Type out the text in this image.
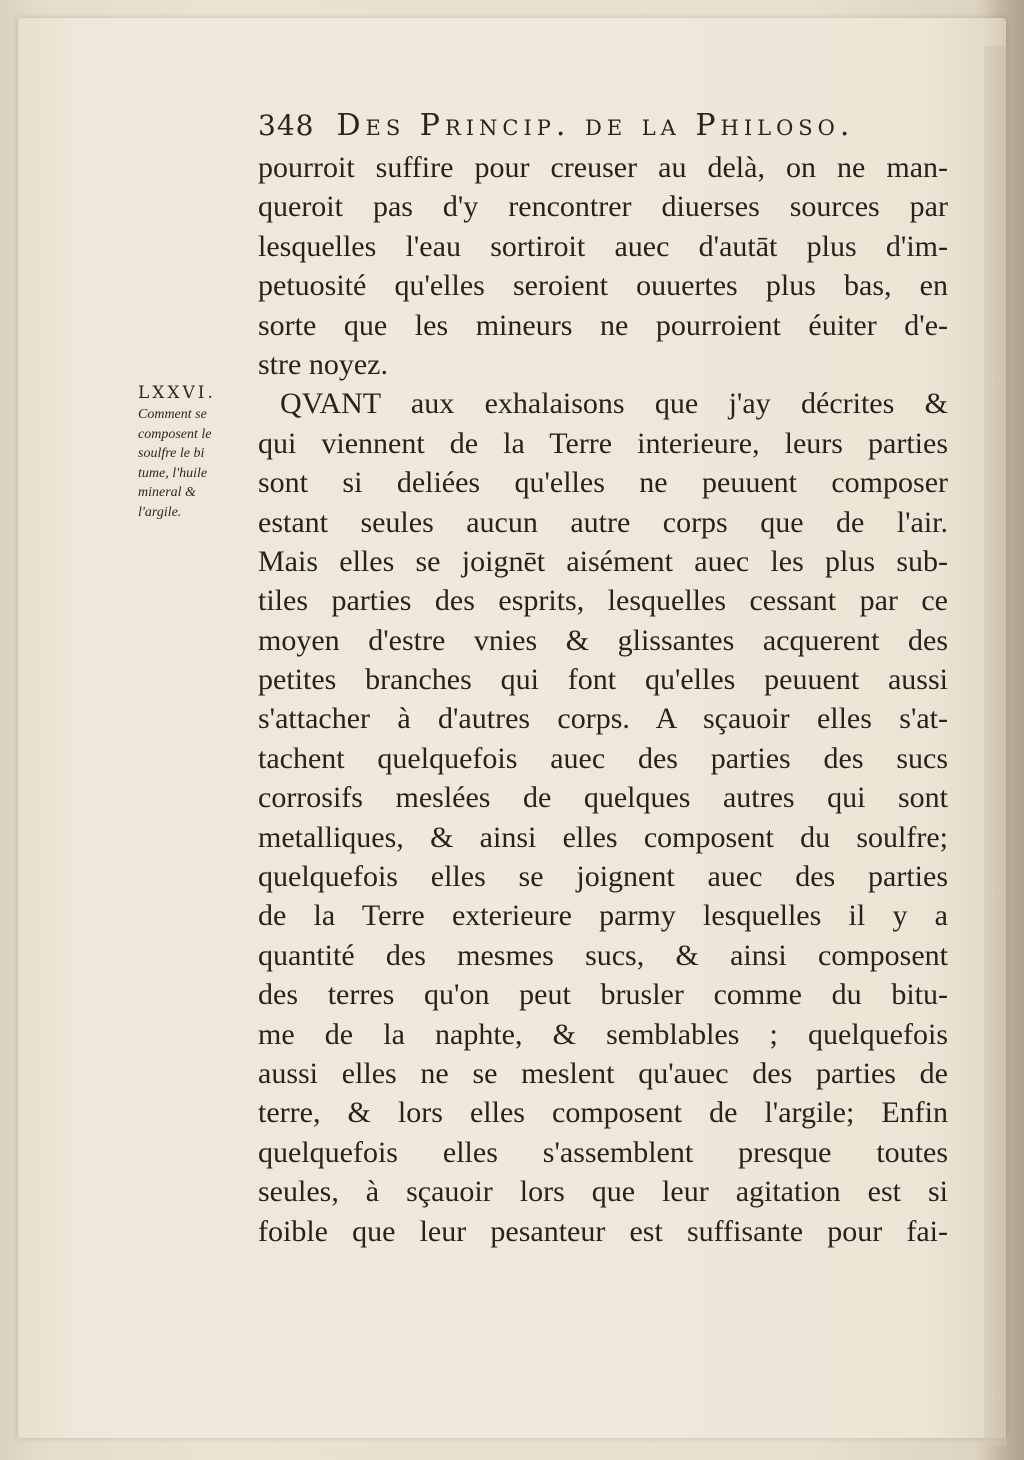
348 Des Princip. de la Philoso.
LXXVI.
Comment se
composent le
soulfre le bi
tume, l'huile
mineral &
l'argile.
pourroit suffire pour creuser au delà, on ne man-
queroit pas d'y rencontrer diuerses sources par
lesquelles l'eau sortiroit auec d'autāt plus d'im-
petuosité qu'elles seroient ouuertes plus bas, en
sorte que les mineurs ne pourroient éuiter d'e-
stre noyez.
QVANT aux exhalaisons que j'ay décrites &
qui viennent de la Terre interieure, leurs parties
sont si deliées qu'elles ne peuuent composer
estant seules aucun autre corps que de l'air.
Mais elles se joignēt aisément auec les plus sub-
tiles parties des esprits, lesquelles cessant par ce
moyen d'estre vnies & glissantes acquerent des
petites branches qui font qu'elles peuuent aussi
s'attacher à d'autres corps. A sçauoir elles s'at-
tachent quelquefois auec des parties des sucs
corrosifs meslées de quelques autres qui sont
metalliques, & ainsi elles composent du soulfre;
quelquefois elles se joignent auec des parties
de la Terre exterieure parmy lesquelles il y a
quantité des mesmes sucs, & ainsi composent
des terres qu'on peut brusler comme du bitu-
me de la naphte, & semblables ; quelquefois
aussi elles ne se meslent qu'auec des parties de
terre, & lors elles composent de l'argile; Enfin
quelquefois elles s'assemblent presque toutes
seules, à sçauoir lors que leur agitation est si
foible que leur pesanteur est suffisante pour fai-
